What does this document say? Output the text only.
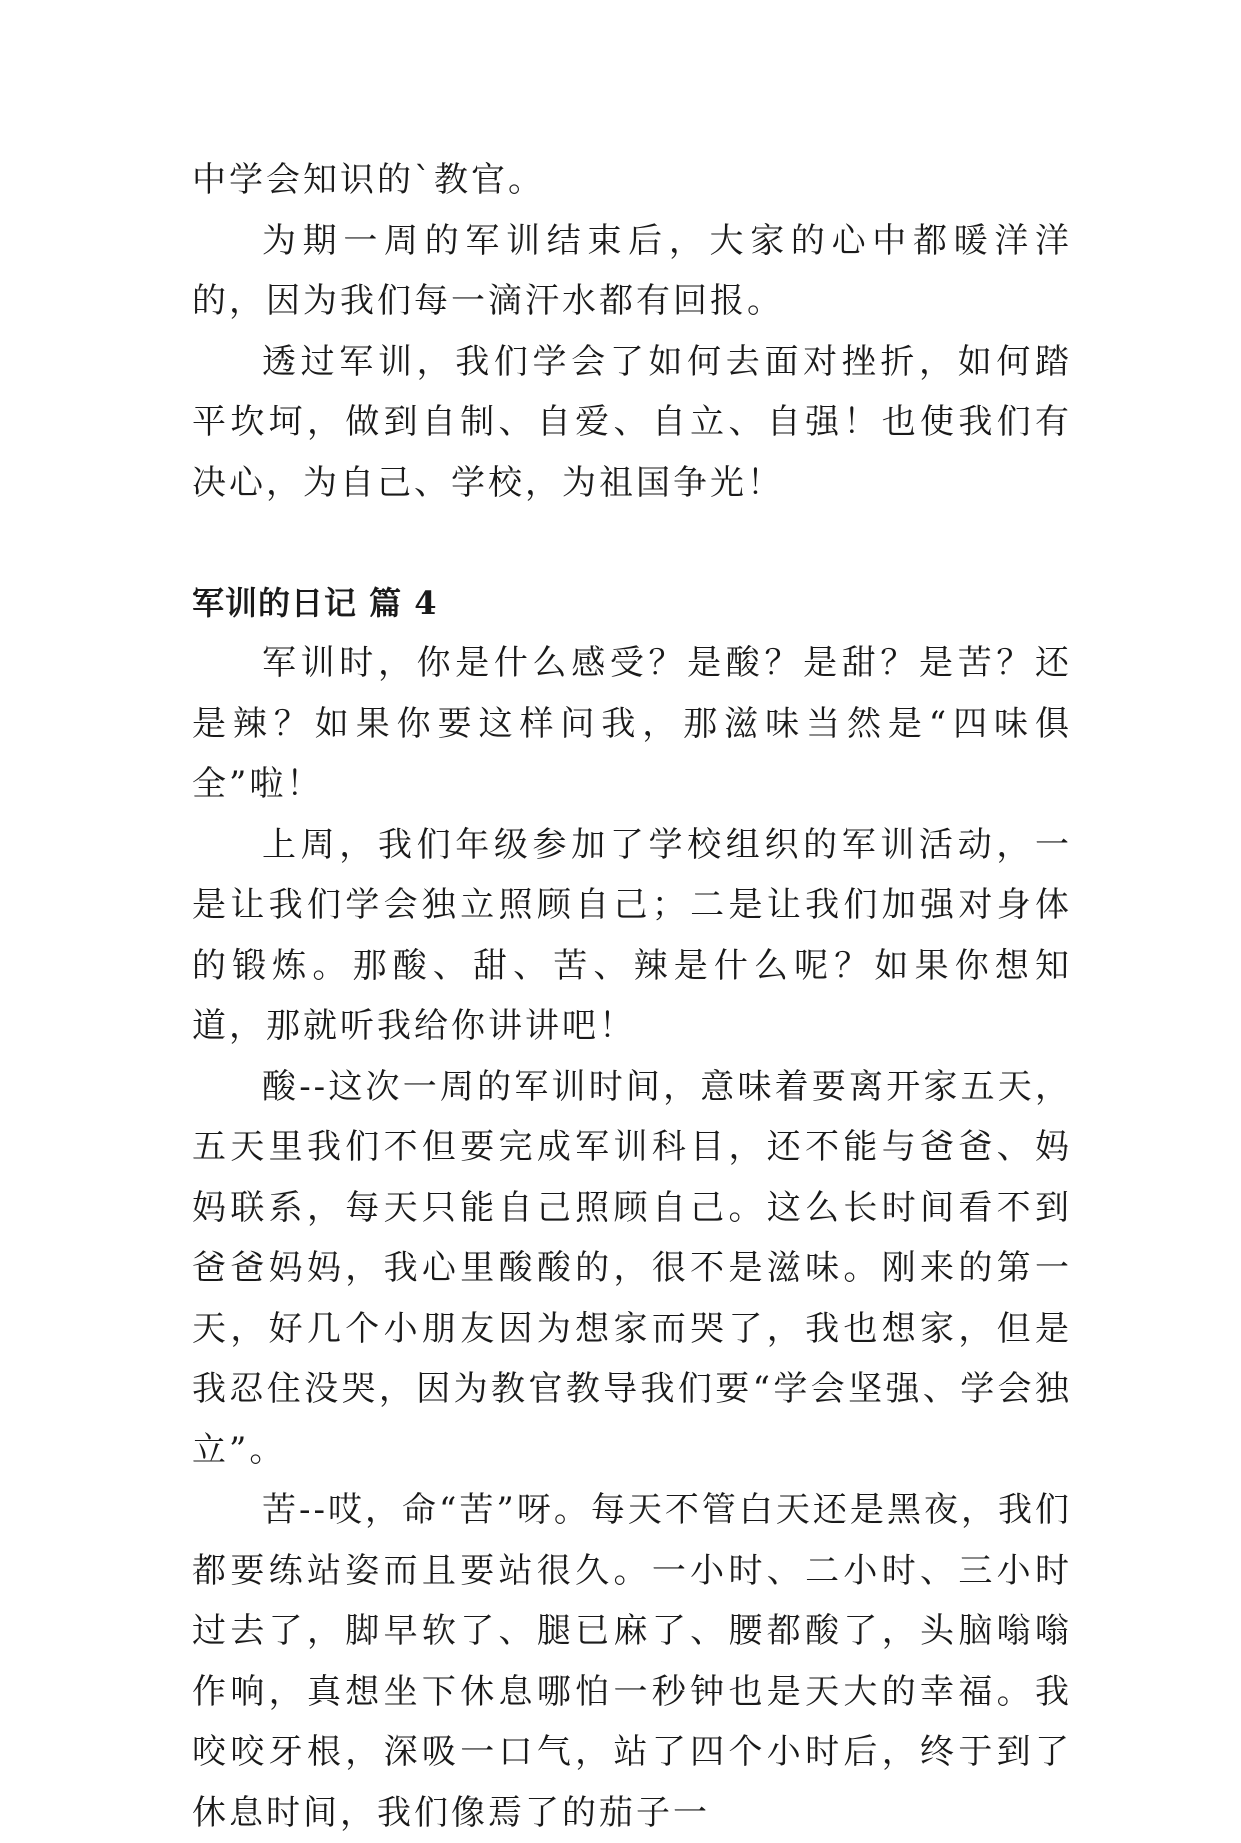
中学会知识的`教官。

为期一周的军训结束后，大家的心中都暖洋洋的，因为我们每一滴汗水都有回报。

透过军训，我们学会了如何去面对挫折，如何踏平坎坷，做到自制、自爱、自立、自强！也使我们有决心，为自己、学校，为祖国争光！

军训的日记 篇 4

军训时，你是什么感受？是酸？是甜？是苦？还是辣？如果你要这样问我，那滋味当然是“四味俱全”啦！

上周，我们年级参加了学校组织的军训活动，一是让我们学会独立照顾自己；二是让我们加强对身体的锻炼。那酸、甜、苦、辣是什么呢？如果你想知道，那就听我给你讲讲吧！

酸--这次一周的军训时间，意味着要离开家五天，五天里我们不但要完成军训科目，还不能与爸爸、妈妈联系，每天只能自己照顾自己。这么长时间看不到爸爸妈妈，我心里酸酸的，很不是滋味。刚来的第一天，好几个小朋友因为想家而哭了，我也想家，但是我忍住没哭，因为教官教导我们要“学会坚强、学会独立”。

苦--哎，命“苦”呀。每天不管白天还是黑夜，我们都要练站姿而且要站很久。一小时、二小时、三小时过去了，脚早软了、腿已麻了、腰都酸了，头脑嗡嗡作响，真想坐下休息哪怕一秒钟也是天大的幸福。我咬咬牙根，深吸一口气，站了四个小时后，终于到了休息时间，我们像焉了的茄子一
